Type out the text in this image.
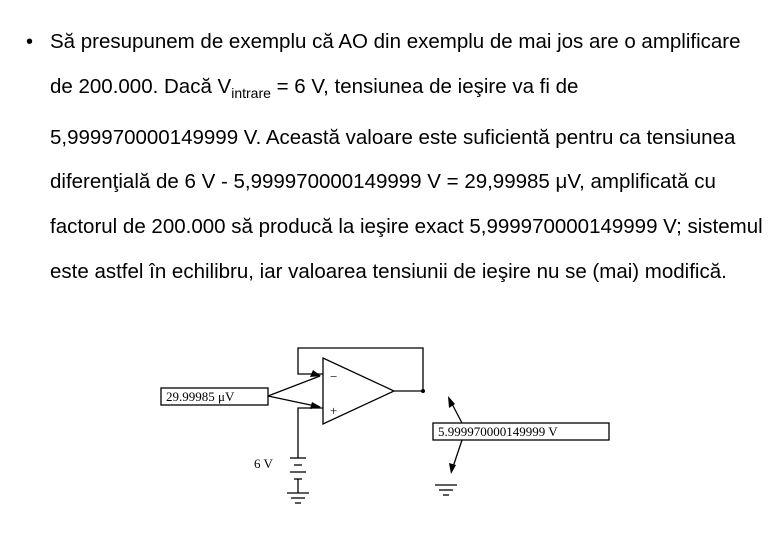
• Să presupunem de exemplu că AO din exemplu de mai jos are o amplificare de 200.000. Dacă $V_{intrare} = 6$ V, tensiunea de ieşire va fi de 5,999970000149999 V. Această valoare este suficientă pentru ca tensiunea diferenţială de 6 V - 5,999970000149999 V = 29,99985 μV, amplificată cu factorul de 200.000 să producă la ieşire exact 5,999970000149999 V; sistemul este astfel în echilibru, iar valoarea tensiunii de ieşire nu se (mai) modifică.

−
+
29.99985 μV
5.999970000149999 V
6 V
